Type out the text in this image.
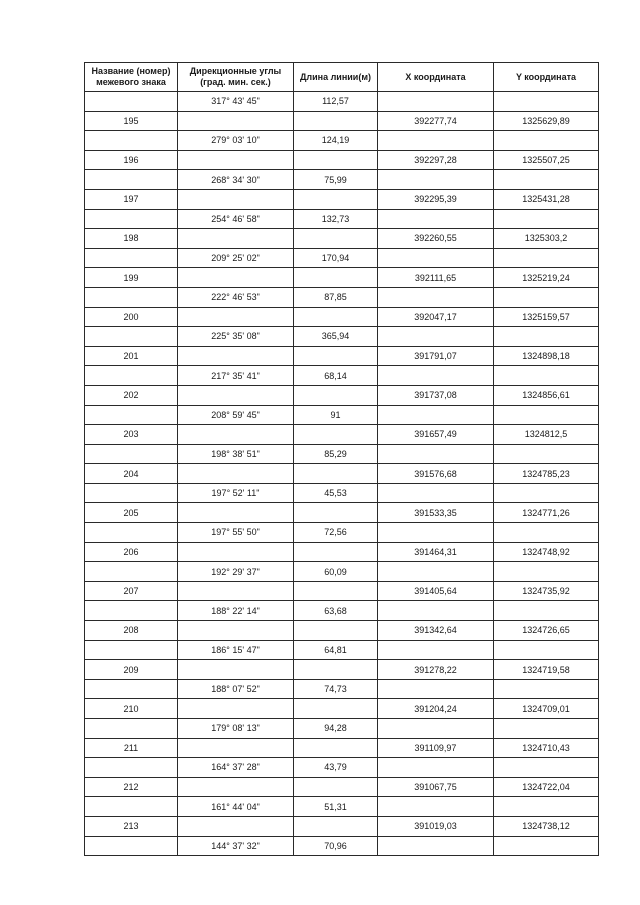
Название (номер) межевого знака	Дирекционные углы (град. мин. сек.)	Длина линии(м)	X координата	Y координата
	317° 43' 45"	112,57		
195			392277,74	1325629,89
	279° 03' 10"	124,19		
196			392297,28	1325507,25
	268° 34' 30"	75,99		
197			392295,39	1325431,28
	254° 46' 58"	132,73		
198			392260,55	1325303,2
	209° 25' 02"	170,94		
199			392111,65	1325219,24
	222° 46' 53"	87,85		
200			392047,17	1325159,57
	225° 35' 08"	365,94		
201			391791,07	1324898,18
	217° 35' 41"	68,14		
202			391737,08	1324856,61
	208° 59' 45"	91		
203			391657,49	1324812,5
	198° 38' 51"	85,29		
204			391576,68	1324785,23
	197° 52' 11"	45,53		
205			391533,35	1324771,26
	197° 55' 50"	72,56		
206			391464,31	1324748,92
	192° 29' 37"	60,09		
207			391405,64	1324735,92
	188° 22' 14"	63,68		
208			391342,64	1324726,65
	186° 15' 47"	64,81		
209			391278,22	1324719,58
	188° 07' 52"	74,73		
210			391204,24	1324709,01
	179° 08' 13"	94,28		
211			391109,97	1324710,43
	164° 37' 28"	43,79		
212			391067,75	1324722,04
	161° 44' 04"	51,31		
213			391019,03	1324738,12
	144° 37' 32"	70,96		
